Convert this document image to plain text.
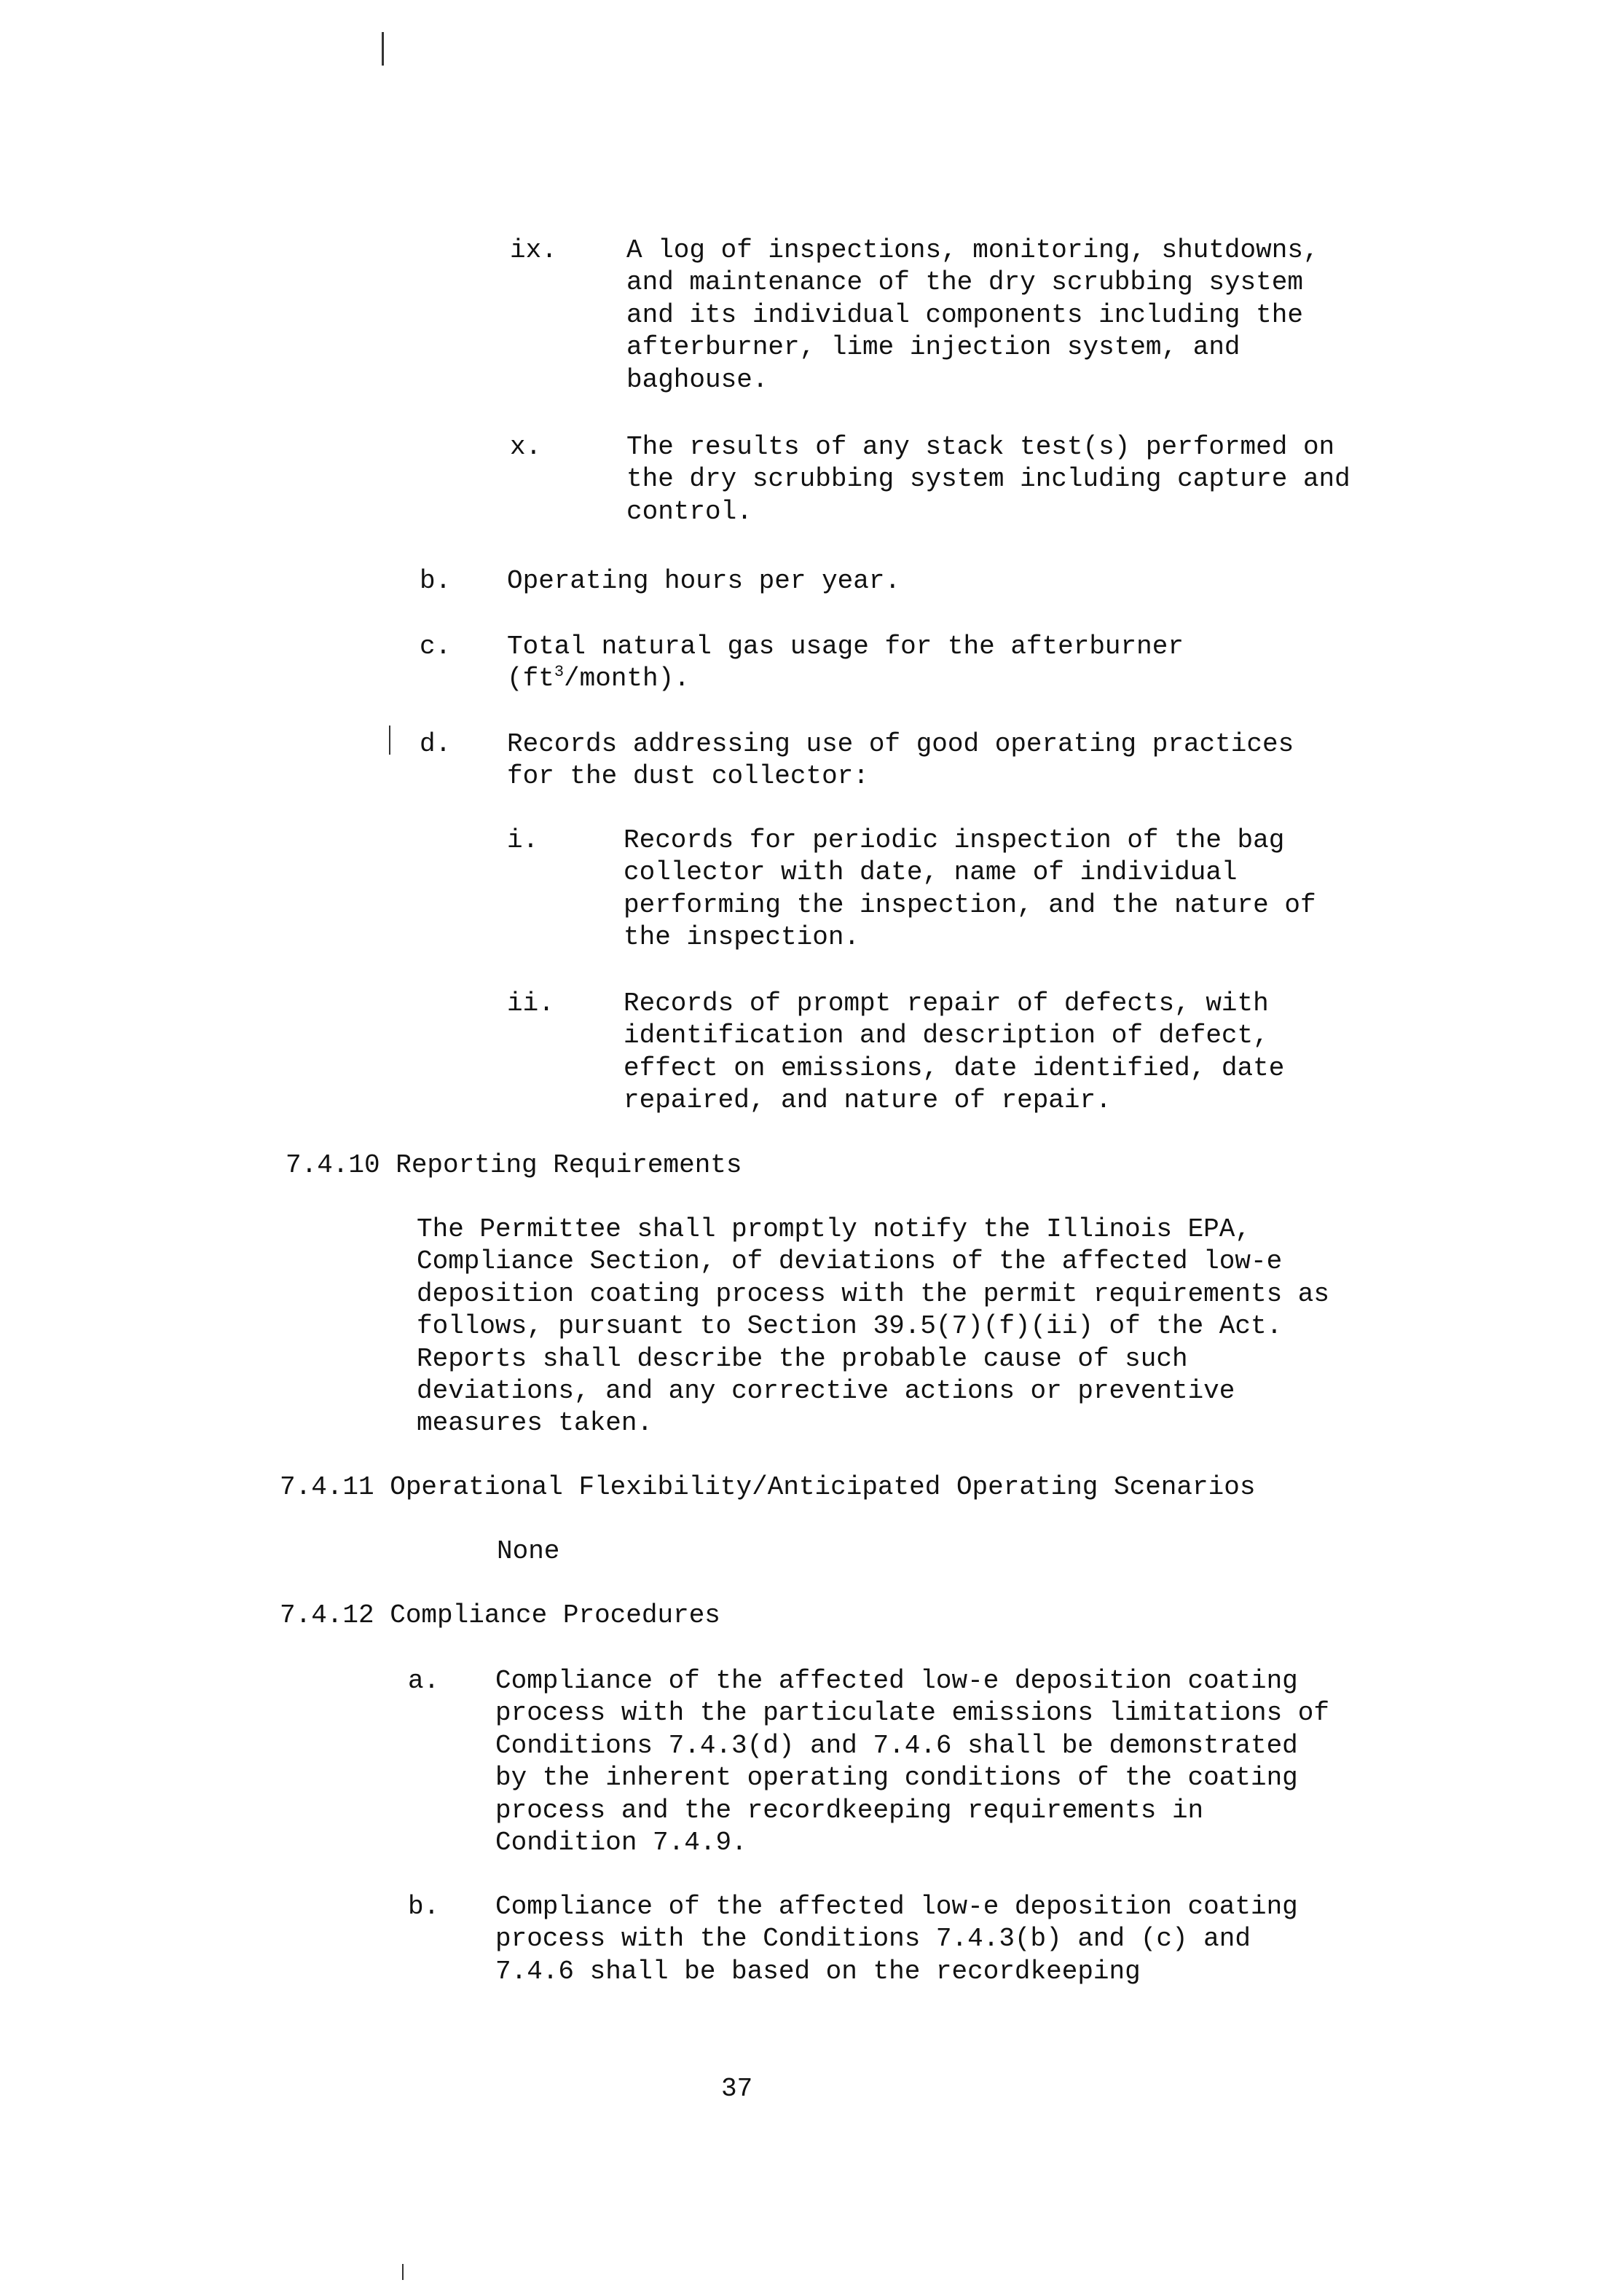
ix.	A log of inspections, monitoring, shutdowns,
and maintenance of the dry scrubbing system
and its individual components including the
afterburner, lime injection system, and
baghouse.
x.	The results of any stack test(s) performed on
the dry scrubbing system including capture and
control.
b. Operating hours per year.
c. Total natural gas usage for the afterburner
$(ft^3/month)$.
d. Records addressing use of good operating practices
for the dust collector:
i.	Records for periodic inspection of the bag
collector with date, name of individual
performing the inspection, and the nature of
the inspection.
ii.	Records of prompt repair of defects, with
identification and description of defect,
effect on emissions, date identified, date
repaired, and nature of repair.
7.4.10 Reporting Requirements
The Permittee shall promptly notify the Illinois EPA,
Compliance Section, of deviations of the affected low-e
deposition coating process with the permit requirements as
follows, pursuant to Section 39.5(7)(f)(ii) of the Act.
Reports shall describe the probable cause of such
deviations, and any corrective actions or preventive
measures taken.
7.4.11 Operational Flexibility/Anticipated Operating Scenarios
None
7.4.12 Compliance Procedures
a. Compliance of the affected low-e deposition coating
process with the particulate emissions limitations of
Conditions 7.4.3(d) and 7.4.6 shall be demonstrated
by the inherent operating conditions of the coating
process and the recordkeeping requirements in
Condition 7.4.9.
b. Compliance of the affected low-e deposition coating
process with the Conditions 7.4.3(b) and (c) and
7.4.6 shall be based on the recordkeeping
37
